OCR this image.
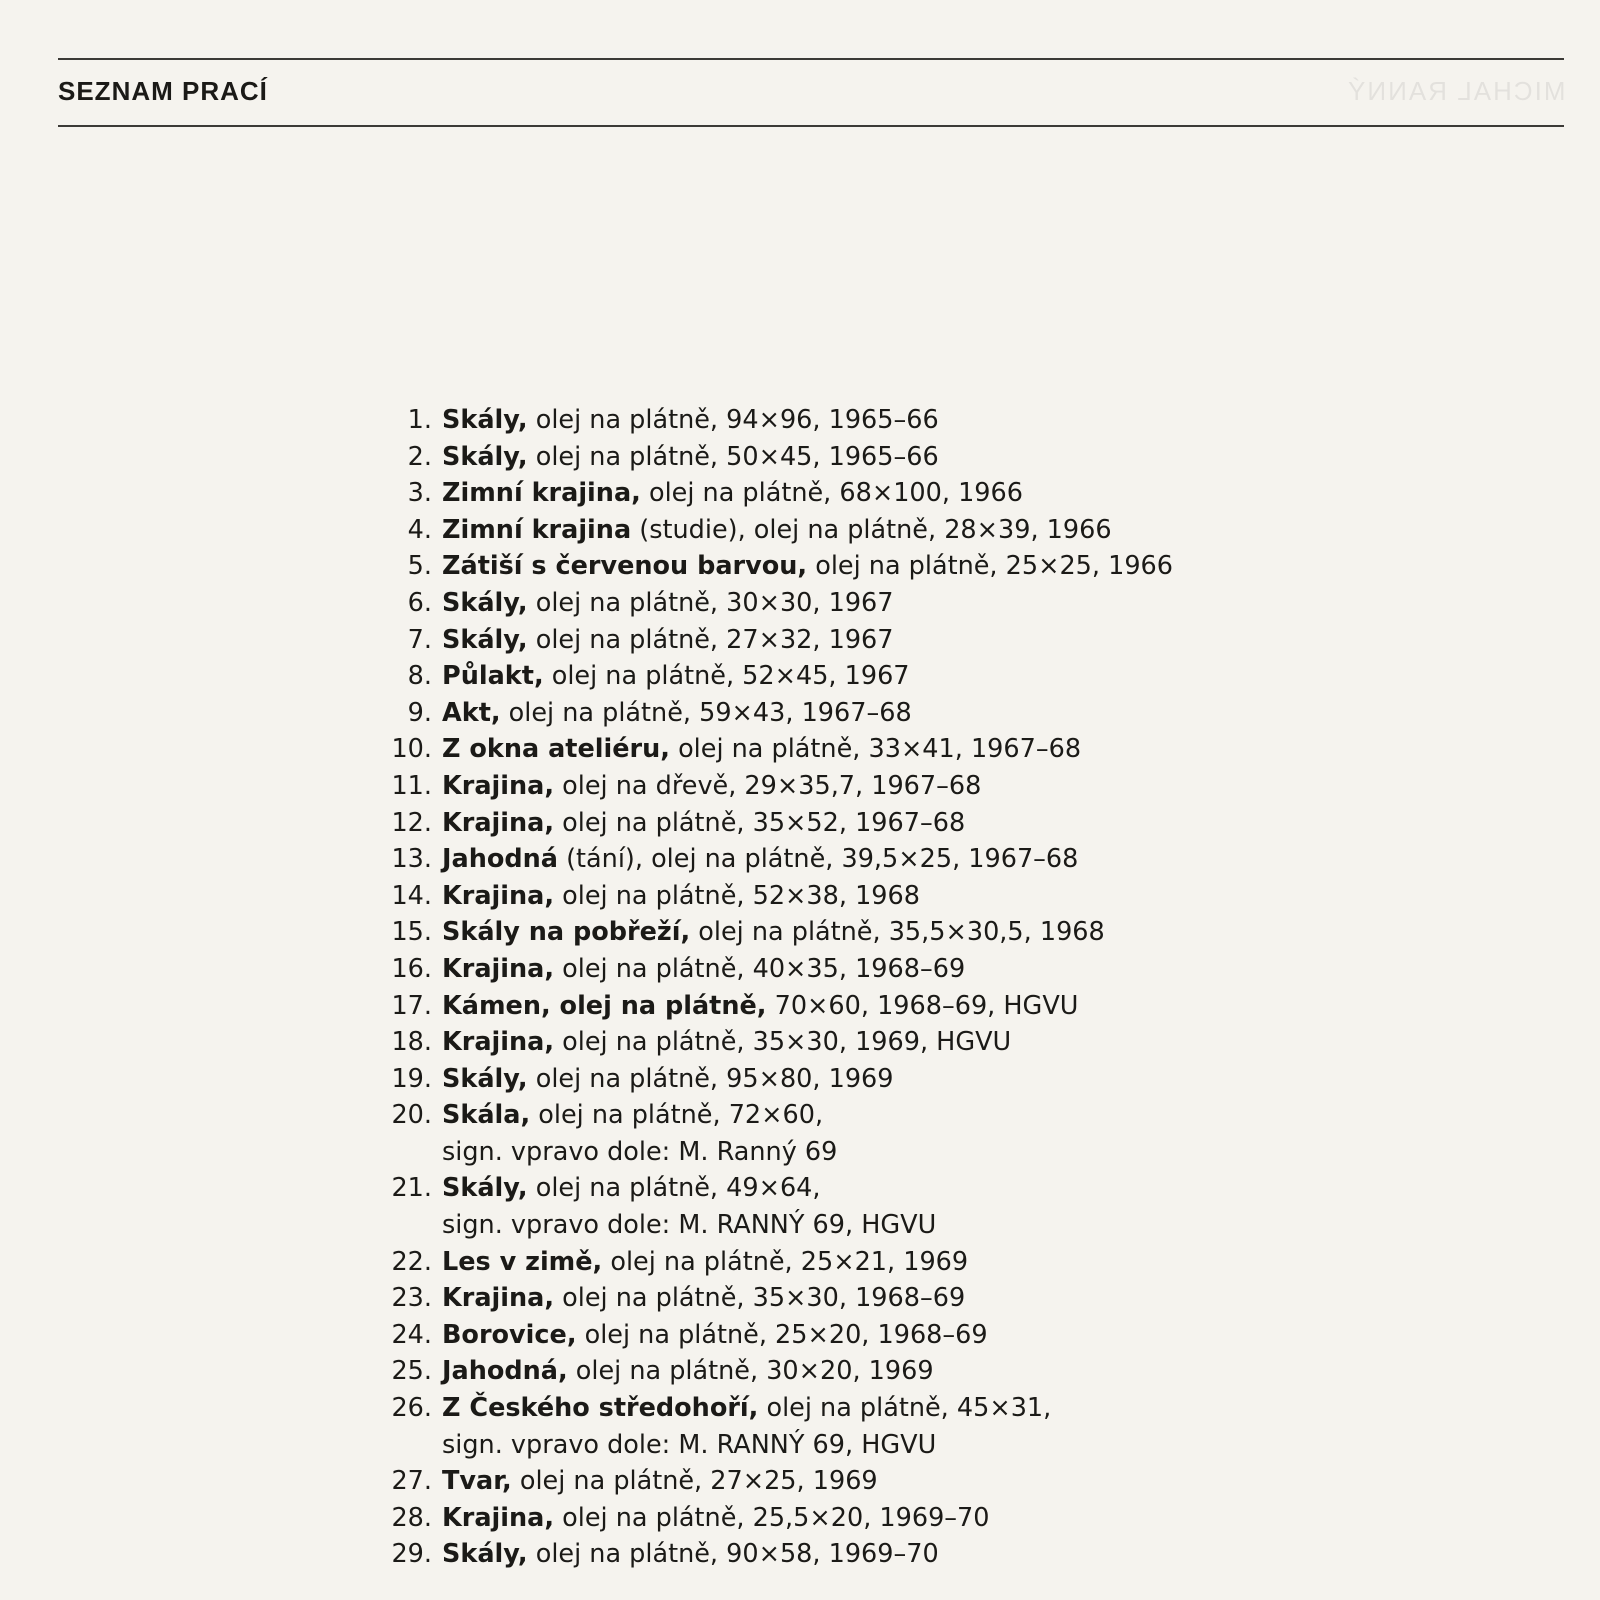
SEZNAM PRACÍ	MICHAL RANNÝ
1. Skály, olej na plátně, 94×96, 1965–66
2. Skály, olej na plátně, 50×45, 1965–66
3. Zimní krajina, olej na plátně, 68×100, 1966
4. Zimní krajina (studie), olej na plátně, 28×39, 1966
5. Zátiší s červenou barvou, olej na plátně, 25×25, 1966
6. Skály, olej na plátně, 30×30, 1967
7. Skály, olej na plátně, 27×32, 1967
8. Půlakt, olej na plátně, 52×45, 1967
9. Akt, olej na plátně, 59×43, 1967–68
10. Z okna ateliéru, olej na plátně, 33×41, 1967–68
11. Krajina, olej na dřevě, 29×35,7, 1967–68
12. Krajina, olej na plátně, 35×52, 1967–68
13. Jahodná (tání), olej na plátně, 39,5×25, 1967–68
14. Krajina, olej na plátně, 52×38, 1968
15. Skály na pobřeží, olej na plátně, 35,5×30,5, 1968
16. Krajina, olej na plátně, 40×35, 1968–69
17. Kámen, olej na plátně, 70×60, 1968–69, HGVU
18. Krajina, olej na plátně, 35×30, 1969, HGVU
19. Skály, olej na plátně, 95×80, 1969
20. Skála, olej na plátně, 72×60,
sign. vpravo dole: M. Ranný 69
21. Skály, olej na plátně, 49×64,
sign. vpravo dole: M. RANNÝ 69, HGVU
22. Les v zimě, olej na plátně, 25×21, 1969
23. Krajina, olej na plátně, 35×30, 1968–69
24. Borovice, olej na plátně, 25×20, 1968–69
25. Jahodná, olej na plátně, 30×20, 1969
26. Z Českého středohoří, olej na plátně, 45×31,
sign. vpravo dole: M. RANNÝ 69, HGVU
27. Tvar, olej na plátně, 27×25, 1969
28. Krajina, olej na plátně, 25,5×20, 1969–70
29. Skály, olej na plátně, 90×58, 1969–70
